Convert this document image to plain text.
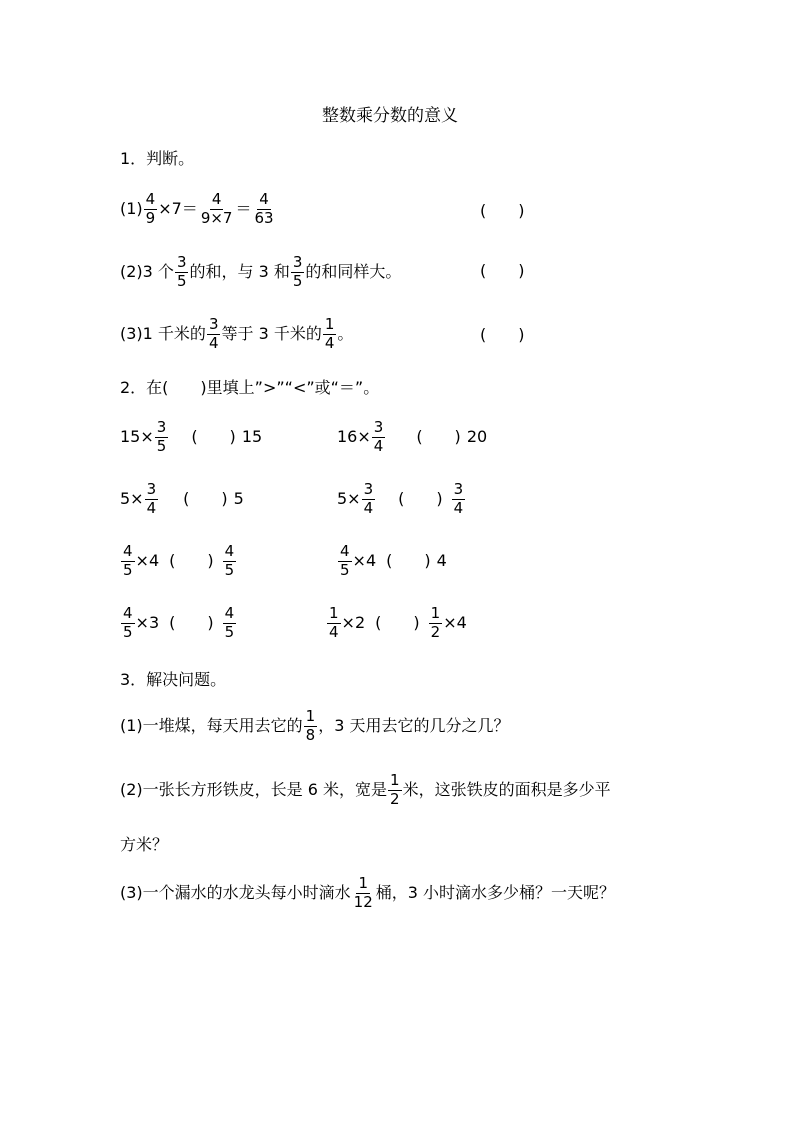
整数乘分数的意义
1．判断。
$(1) \frac{4}{9} \times 7= \frac{4}{9\times 7} = \frac{4}{63}$	(　　)
(2)3 个 $\frac{3}{5}$ 的和，与 3 和 $\frac{3}{5}$ 的和同样大。	(　　)
(3)1 千米的 $\frac{3}{4}$ 等于 3 千米的 $\frac{1}{4}$ 。	(　　)
2．在(　　)里填上”>”“<”或“＝”。
$15\times \frac{3}{5}$ (　　) 15	$16\times \frac{3}{4}$ (　　) 20
$5\times \frac{3}{4}$ (　　) 5	$5\times \frac{3}{4}$ (　　) $\frac{3}{4}$
$\frac{4}{5} \times 4$ (　　) $\frac{4}{5}$	$\frac{4}{5} \times 4$ (　　) 4
$\frac{4}{5} \times 3$ (　　) $\frac{4}{5}$	$\frac{1}{4} \times 2$ (　　) $\frac{1}{2} \times 4$
3．解决问题。
(1)一堆煤，每天用去它的 $\frac{1}{8}$ ，3 天用去它的几分之几？
(2)一张长方形铁皮，长是 6 米，宽是 $\frac{1}{2}$ 米，这张铁皮的面积是多少平
方米？
(3)一个漏水的水龙头每小时滴水 $\frac{1}{12}$ 桶，3 小时滴水多少桶？一天呢？
